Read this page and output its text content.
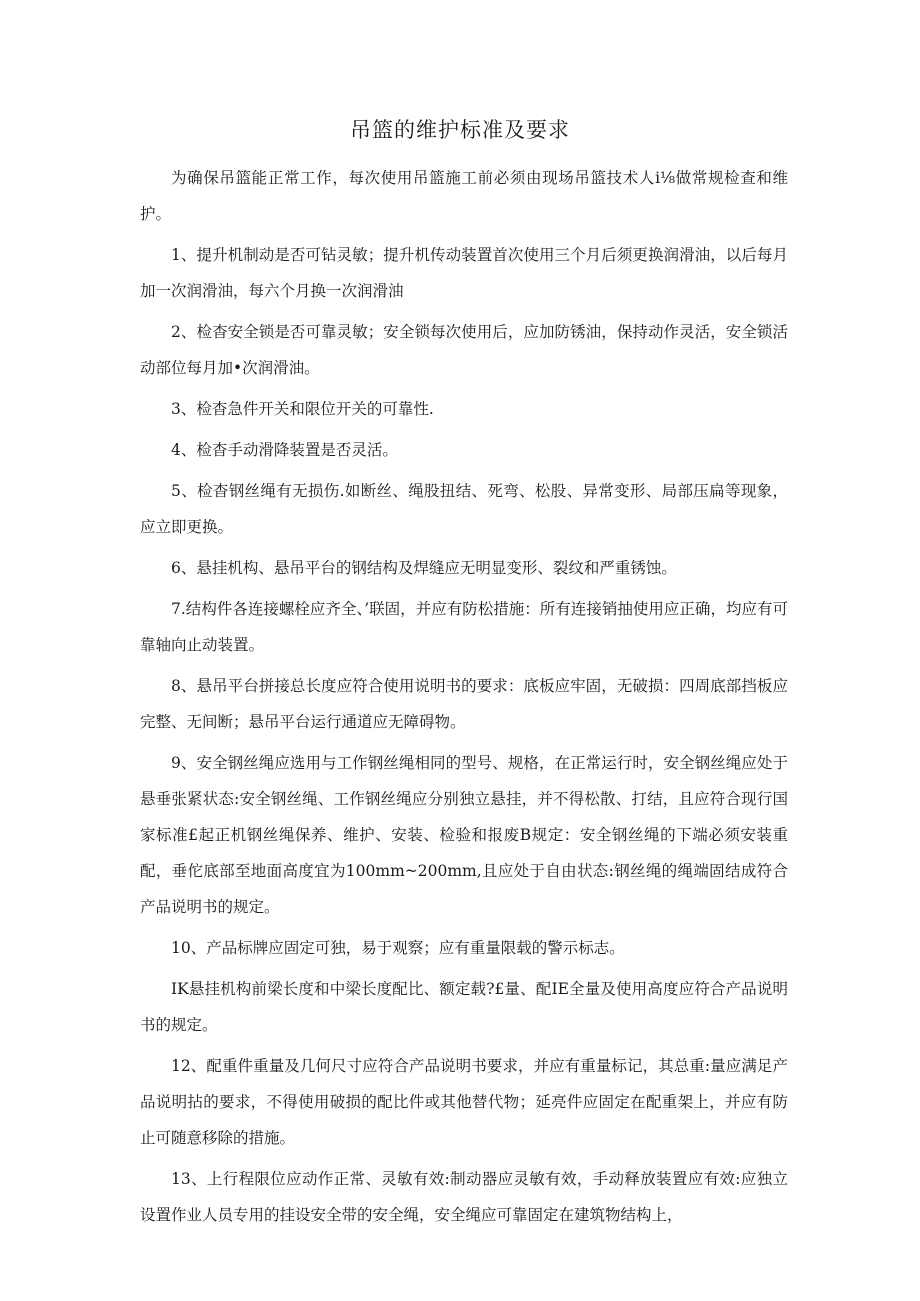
吊篮的维护标准及要求

为确保吊篮能正常工作，每次使用吊篮施工前必须由现场吊篮技术人i⅛做常规检查和维护。

1、提升机制动是否可钻灵敏；提升机传动装置首次使用三个月后须更换润滑油，以后每月加一次润滑油，每六个月换一次润滑油

2、检杳安全锁是否可靠灵敏；安全锁每次使用后，应加防锈油，保持动作灵活，安全锁活动部位每月加•次润滑油。

3、检杳急件开关和限位开关的可靠性.

4、检杳手动滑降装置是否灵活。

5、检杳钢丝绳有无损伤.如断丝、绳股扭结、死弯、松股、异常变形、局部压扁等现象，应立即更换。

6、悬挂机构、悬吊平台的钢结构及焊缝应无明显变形、裂纹和严重锈蚀。

7.结构件各连接螺栓应齐全、’联固，并应有防松措施：所有连接销抽使用应正确，均应有可靠轴向止动装置。

8、悬吊平台拼接总长度应符合使用说明书的要求：底板应牢固，无破损：四周底部挡板应完整、无间断；悬吊平台运行通道应无障碍物。

9、安全钢丝绳应选用与工作钢丝绳相同的型号、规格，在正常运行时，安全钢丝绳应处于悬垂张紧状态:安全钢丝绳、工作钢丝绳应分别独立悬挂，并不得松散、打结，且应符合现行国家标准£起正机钢丝绳保养、维护、安装、检验和报废B规定：安全钢丝绳的下端必须安装重配，垂佗底部至地面高度宜为100mm~200mm,且应处于自由状态:钢丝绳的绳端固结成符合产品说明书的规定。

10、产品标牌应固定可独，易于观察；应有重量限载的警示标志。

IK悬挂机构前梁长度和中梁长度配比、额定载?£量、配IE全量及使用高度应符合产品说明书的规定。

12、配重件重量及几何尺寸应符合产品说明书要求，并应有重量标记，其总重:量应满足产品说明拈的要求，不得使用破损的配比件或其他替代物；延亮件应固定在配重架上，并应有防止可随意移除的措施。

13、上行程限位应动作正常、灵敏有效:制动器应灵敏有效，手动释放装置应有效:应独立设置作业人员专用的挂设安全带的安全绳，安全绳应可靠固定在建筑物结构上，
